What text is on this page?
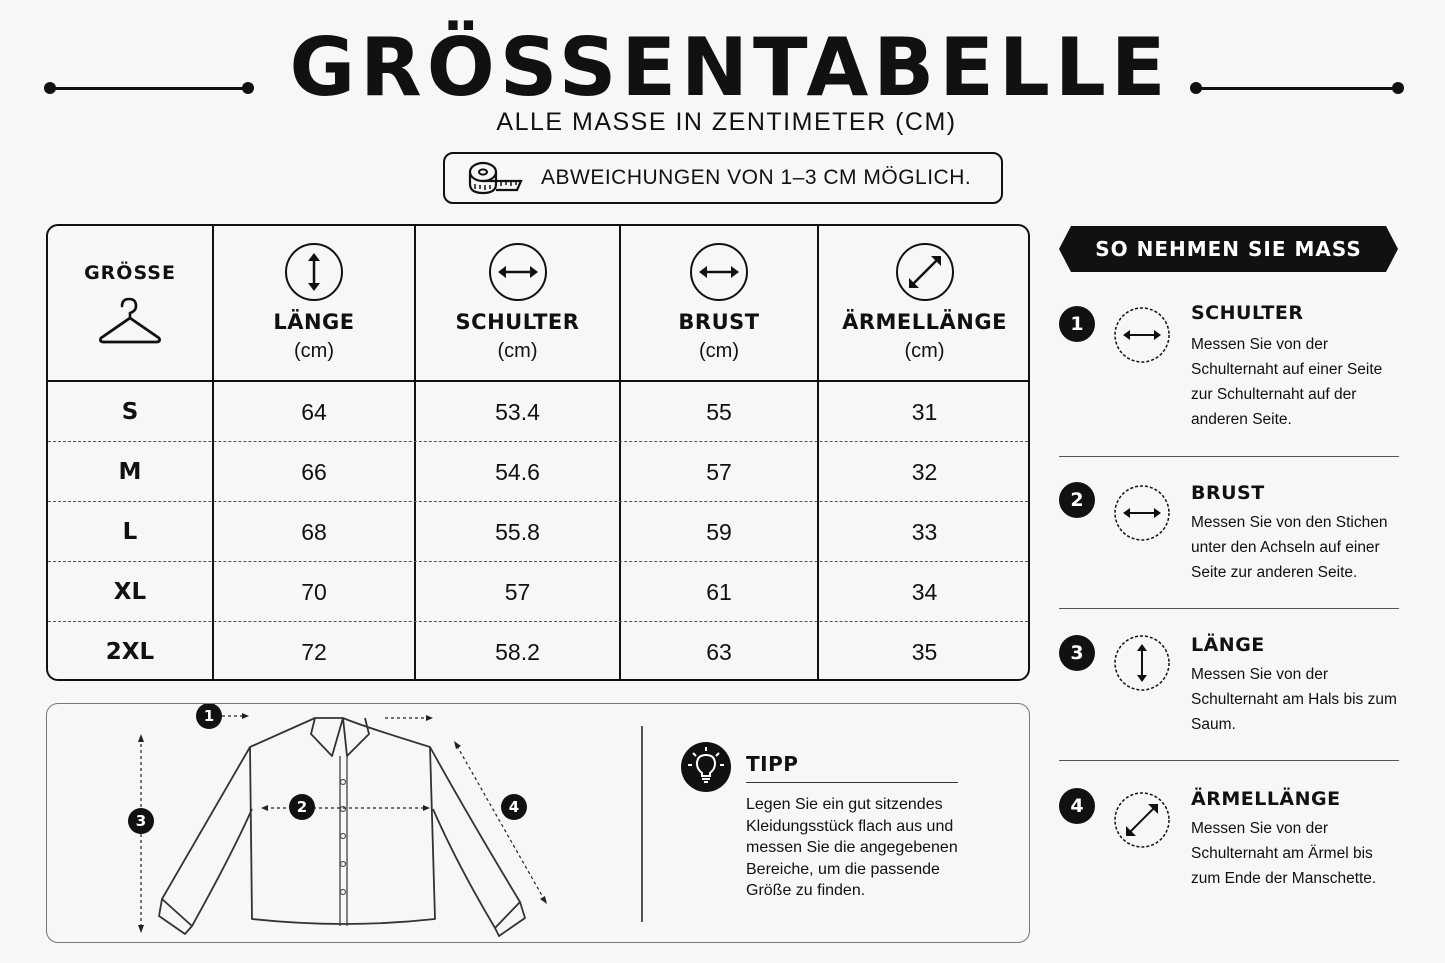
GRÖSSENTABELLE
ALLE MASSE IN ZENTIMETER (CM)
ABWEICHUNGEN VON 1–3 CM MÖGLICH.
GRÖSSE
LÄNGE
(cm)
SCHULTER
(cm)
BRUST
(cm)
ÄRMELLÄNGE
(cm)
S	64	53.4	55	31
M	66	54.6	57	32
L	68	55.8	59	33
XL	70	57	61	34
2XL	72	58.2	63	35
1
2
3
4
TIPP
Legen Sie ein gut sitzendes Kleidungsstück flach aus und messen Sie die angegebenen Bereiche, um die passende Größe zu finden.
SO NEHMEN SIE MASS
1	SCHULTER
Messen Sie von der Schulternaht auf einer Seite zur Schulternaht auf der anderen Seite.
2	BRUST
Messen Sie von den Stichen unter den Achseln auf einer Seite zur anderen Seite.
3	LÄNGE
Messen Sie von der Schulternaht am Hals bis zum Saum.
4	ÄRMELLÄNGE
Messen Sie von der Schulternaht am Ärmel bis zum Ende der Manschette.
